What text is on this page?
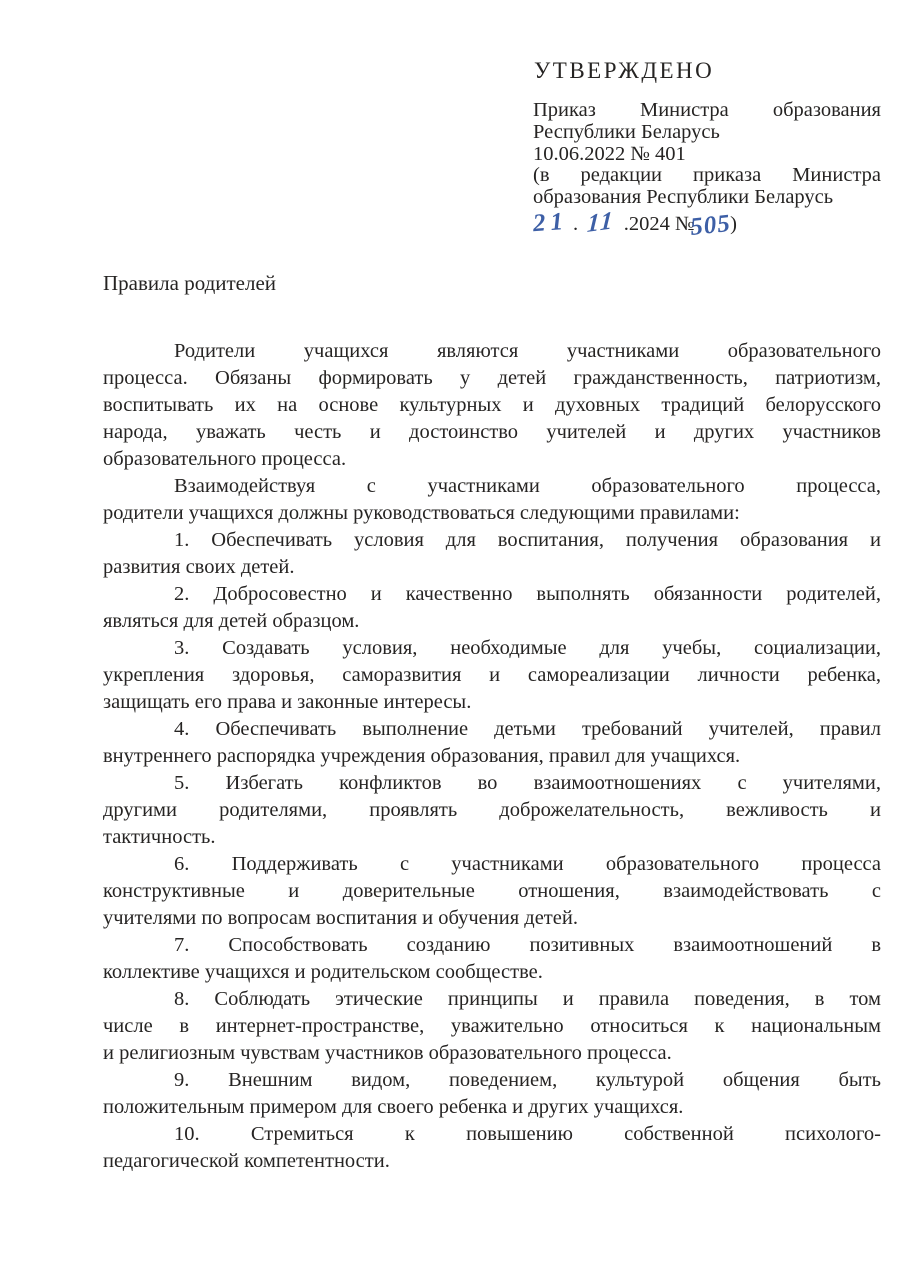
УТВЕРЖДЕНО
Приказ Министра образования
Республики Беларусь
10.06.2022 № 401
(в редакции приказа Министра
образования Республики Беларусь
21 . 11 .2024 №505)
Правила родителей
Родители учащихся являются участниками образовательного
процесса. Обязаны формировать у детей гражданственность, патриотизм,
воспитывать их на основе культурных и духовных традиций белорусского
народа, уважать честь и достоинство учителей и других участников
образовательного процесса.
Взаимодействуя с участниками образовательного процесса,
родители учащихся должны руководствоваться следующими правилами:
1. Обеспечивать условия для воспитания, получения образования и
развития своих детей.
2. Добросовестно и качественно выполнять обязанности родителей,
являться для детей образцом.
3. Создавать условия, необходимые для учебы, социализации,
укрепления здоровья, саморазвития и самореализации личности ребенка,
защищать его права и законные интересы.
4. Обеспечивать выполнение детьми требований учителей, правил
внутреннего распорядка учреждения образования, правил для учащихся.
5. Избегать конфликтов во взаимоотношениях с учителями,
другими родителями, проявлять доброжелательность, вежливость и
тактичность.
6. Поддерживать с участниками образовательного процесса
конструктивные и доверительные отношения, взаимодействовать с
учителями по вопросам воспитания и обучения детей.
7. Способствовать созданию позитивных взаимоотношений в
коллективе учащихся и родительском сообществе.
8. Соблюдать этические принципы и правила поведения, в том
числе в интернет-пространстве, уважительно относиться к национальным
и религиозным чувствам участников образовательного процесса.
9. Внешним видом, поведением, культурой общения быть
положительным примером для своего ребенка и других учащихся.
10. Стремиться к повышению собственной психолого-
педагогической компетентности.
